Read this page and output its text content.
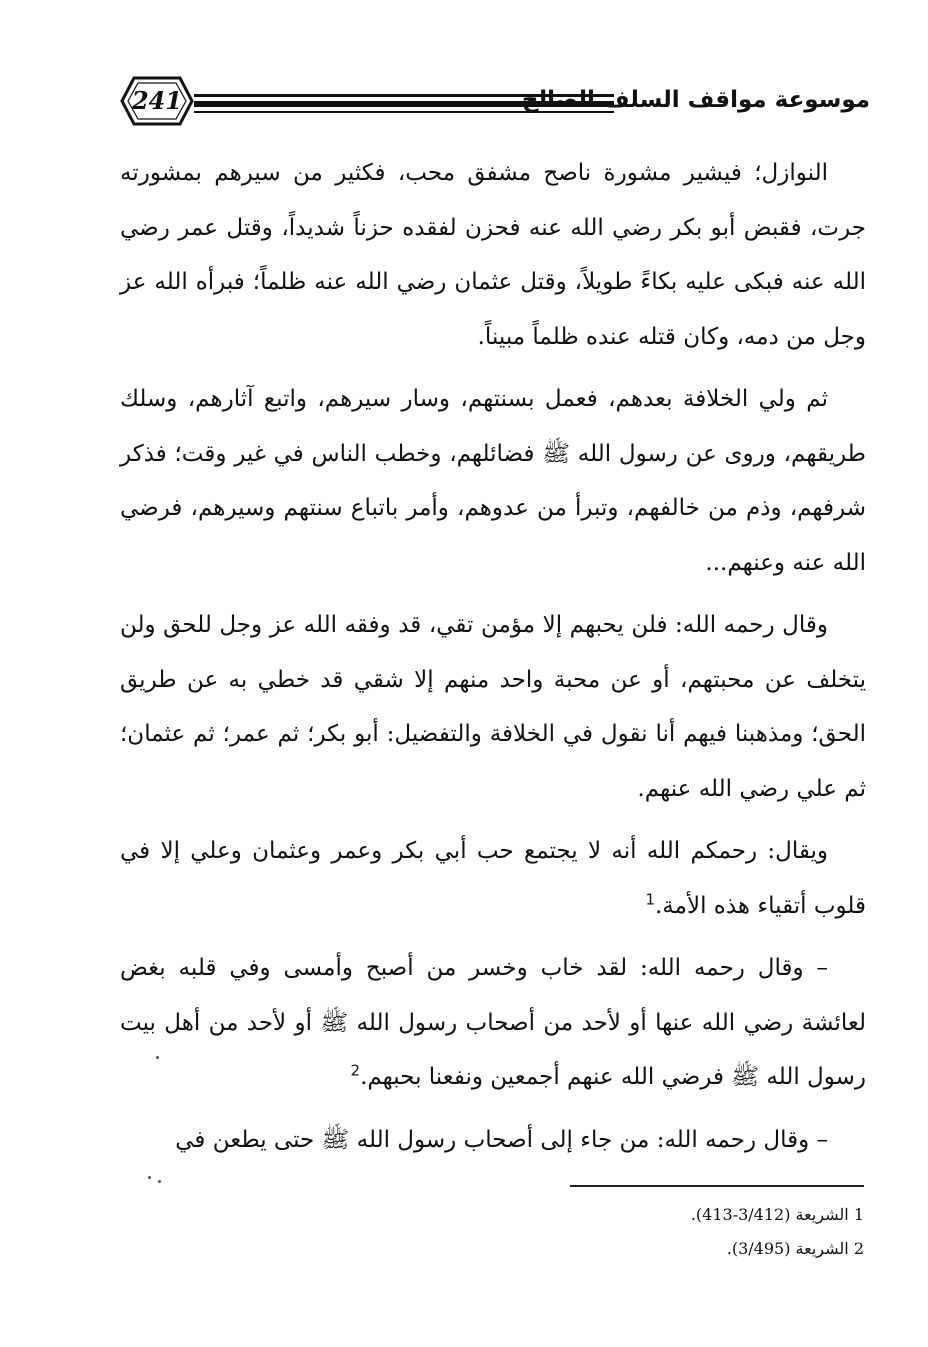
241	موسوعة مواقف السلف الصالح

النوازل؛ فيشير مشورة ناصح مشفق محب، فكثير من سيرهم بمشورته جرت، فقبض أبو بكر رضي الله عنه فحزن لفقده حزناً شديداً، وقتل عمر رضي الله عنه فبكى عليه بكاءً طويلاً، وقتل عثمان رضي الله عنه ظلماً؛ فبرأه الله عز وجل من دمه، وكان قتله عنده ظلماً مبيناً.

ثم ولي الخلافة بعدهم، فعمل بسنتهم، وسار سيرهم، واتبع آثارهم، وسلك طريقهم، وروى عن رسول الله ﷺ فضائلهم، وخطب الناس في غير وقت؛ فذكر شرفهم، وذم من خالفهم، وتبرأ من عدوهم، وأمر باتباع سنتهم وسيرهم، فرضي الله عنه وعنهم...

وقال رحمه الله: فلن يحبهم إلا مؤمن تقي، قد وفقه الله عز وجل للحق ولن يتخلف عن محبتهم، أو عن محبة واحد منهم إلا شقي قد خطي به عن طريق الحق؛ ومذهبنا فيهم أنا نقول في الخلافة والتفضيل: أبو بكر؛ ثم عمر؛ ثم عثمان؛ ثم علي رضي الله عنهم.

ويقال: رحمكم الله أنه لا يجتمع حب أبي بكر وعمر وعثمان وعلي إلا في قلوب أتقياء هذه الأمة.$^1$

– وقال رحمه الله: لقد خاب وخسر من أصبح وأمسى وفي قلبه بغض لعائشة رضي الله عنها أو لأحد من أصحاب رسول الله ﷺ أو لأحد من أهل بيت رسول الله ﷺ فرضي الله عنهم أجمعين ونفعنا بحبهم.$^2$

– وقال رحمه الله: من جاء إلى أصحاب رسول الله ﷺ حتى يطعن في

1 الشريعة (3/412-413).
2 الشريعة (3/495).
